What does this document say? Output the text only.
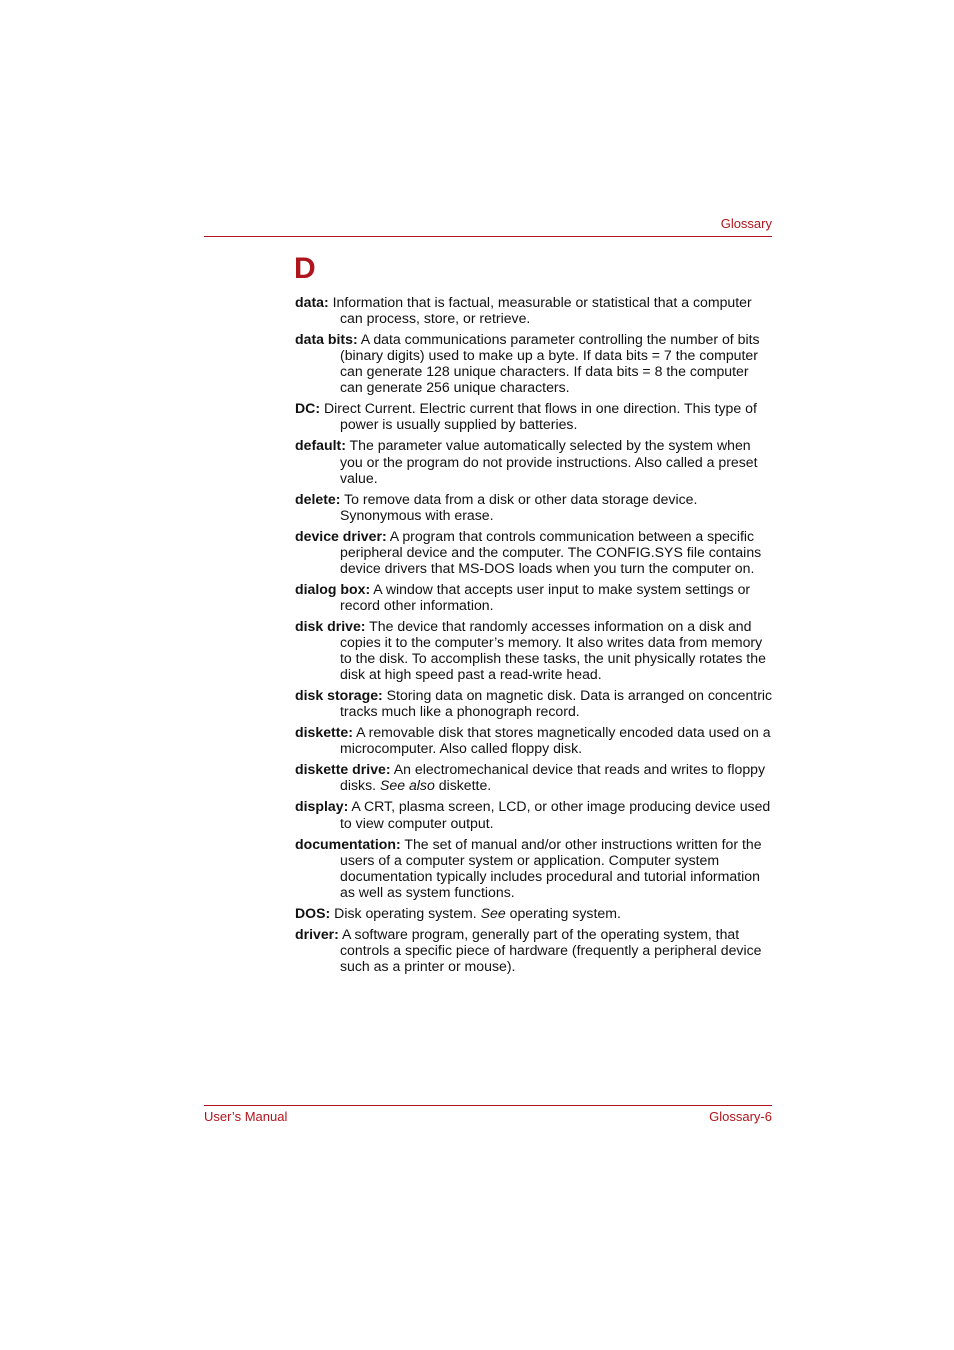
Glossary
D

data: Information that is factual, measurable or statistical that a computer can process, store, or retrieve.

data bits: A data communications parameter controlling the number of bits (binary digits) used to make up a byte. If data bits = 7 the computer can generate 128 unique characters. If data bits = 8 the computer can generate 256 unique characters.

DC: Direct Current. Electric current that flows in one direction. This type of power is usually supplied by batteries.

default: The parameter value automatically selected by the system when you or the program do not provide instructions. Also called a preset value.

delete: To remove data from a disk or other data storage device. Synonymous with erase.

device driver: A program that controls communication between a specific peripheral device and the computer. The CONFIG.SYS file contains device drivers that MS-DOS loads when you turn the computer on.

dialog box: A window that accepts user input to make system settings or record other information.

disk drive: The device that randomly accesses information on a disk and copies it to the computer’s memory. It also writes data from memory to the disk. To accomplish these tasks, the unit physically rotates the disk at high speed past a read-write head.

disk storage: Storing data on magnetic disk. Data is arranged on concentric tracks much like a phonograph record.

diskette: A removable disk that stores magnetically encoded data used on a microcomputer. Also called floppy disk.

diskette drive: An electromechanical device that reads and writes to floppy disks. See also diskette.

display: A CRT, plasma screen, LCD, or other image producing device used to view computer output.

documentation: The set of manual and/or other instructions written for the users of a computer system or application. Computer system documentation typically includes procedural and tutorial information as well as system functions.

DOS: Disk operating system. See operating system.

driver: A software program, generally part of the operating system, that controls a specific piece of hardware (frequently a peripheral device such as a printer or mouse).

User’s Manual	Glossary-6
